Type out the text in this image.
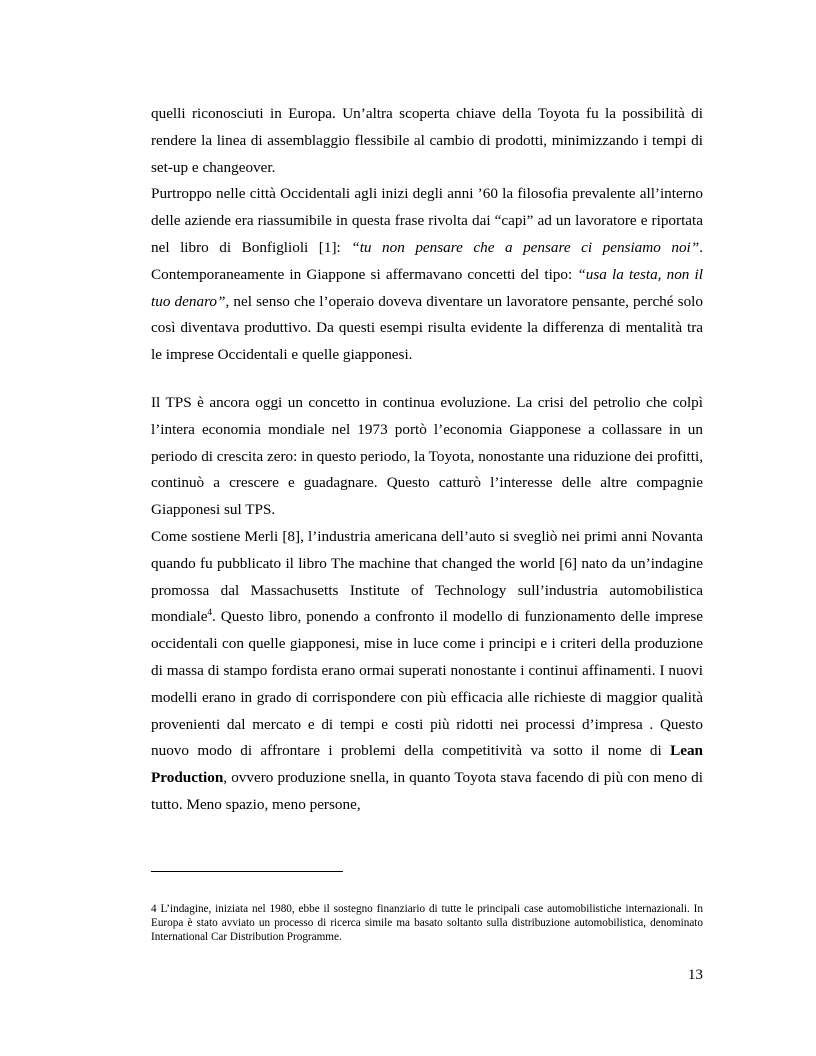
quelli riconosciuti in Europa. Un’altra scoperta chiave della Toyota fu la possibilità di rendere la linea di assemblaggio flessibile al cambio di prodotti, minimizzando i tempi di set-up e changeover.

Purtroppo nelle città Occidentali agli inizi degli anni ’60 la filosofia prevalente all’interno delle aziende era riassumibile in questa frase rivolta dai “capi” ad un lavoratore e riportata nel libro di Bonfiglioli [1]: “tu non pensare che a pensare ci pensiamo noi”. Contemporaneamente in Giappone si affermavano concetti del tipo: “usa la testa, non il tuo denaro”, nel senso che l’operaio doveva diventare un lavoratore pensante, perché solo così diventava produttivo. Da questi esempi risulta evidente la differenza di mentalità tra le imprese Occidentali e quelle giapponesi.

Il TPS è ancora oggi un concetto in continua evoluzione. La crisi del petrolio che colpì l’intera economia mondiale nel 1973 portò l’economia Giapponese a collassare in un periodo di crescita zero: in questo periodo, la Toyota, nonostante una riduzione dei profitti, continuò a crescere e guadagnare. Questo catturò l’interesse delle altre compagnie Giapponesi sul TPS.

Come sostiene Merli [8], l’industria americana dell’auto si svegliò nei primi anni Novanta quando fu pubblicato il libro The machine that changed the world [6] nato da un’indagine promossa dal Massachusetts Institute of Technology sull’industria automobilistica mondiale$^4$. Questo libro, ponendo a confronto il modello di funzionamento delle imprese occidentali con quelle giapponesi, mise in luce come i principi e i criteri della produzione di massa di stampo fordista erano ormai superati nonostante i continui affinamenti. I nuovi modelli erano in grado di corrispondere con più efficacia alle richieste di maggior qualità provenienti dal mercato e di tempi e costi più ridotti nei processi d’impresa . Questo nuovo modo di affrontare i problemi della competitività va sotto il nome di Lean Production, ovvero produzione snella, in quanto Toyota stava facendo di più con meno di tutto. Meno spazio, meno persone,

4 L’indagine, iniziata nel 1980, ebbe il sostegno finanziario di tutte le principali case automobilistiche internazionali. In Europa è stato avviato un processo di ricerca simile ma basato soltanto sulla distribuzione automobilistica, denominato International Car Distribution Programme.

13
